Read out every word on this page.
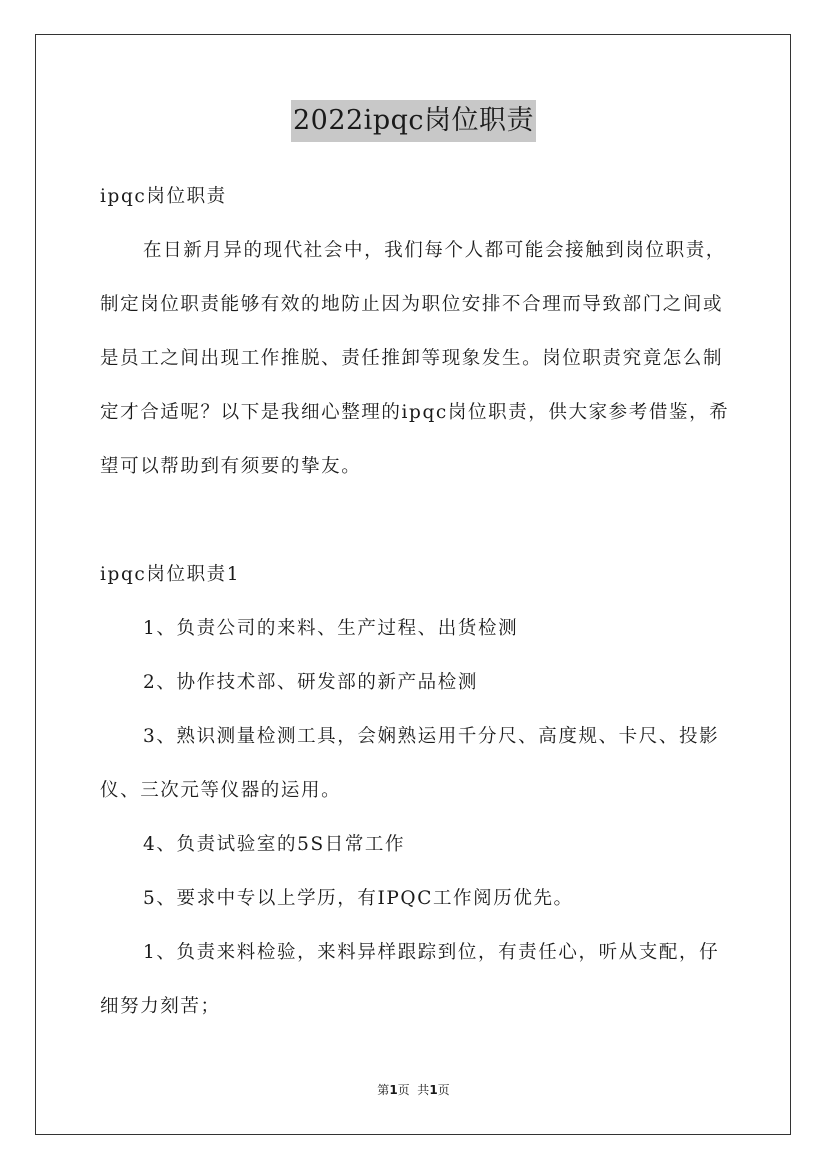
2022ipqc岗位职责

ipqc岗位职责

在日新月异的现代社会中，我们每个人都可能会接触到岗位职责，制定岗位职责能够有效的地防止因为职位安排不合理而导致部门之间或是员工之间出现工作推脱、责任推卸等现象发生。岗位职责究竟怎么制定才合适呢？以下是我细心整理的ipqc岗位职责，供大家参考借鉴，希望可以帮助到有须要的挚友。

ipqc岗位职责1

1、负责公司的来料、生产过程、出货检测

2、协作技术部、研发部的新产品检测

3、熟识测量检测工具，会娴熟运用千分尺、高度规、卡尺、投影仪、三次元等仪器的运用。

4、负责试验室的5S日常工作

5、要求中专以上学历，有IPQC工作阅历优先。

1、负责来料检验，来料异样跟踪到位，有责任心，听从支配，仔细努力刻苦；

第1页  共1页
